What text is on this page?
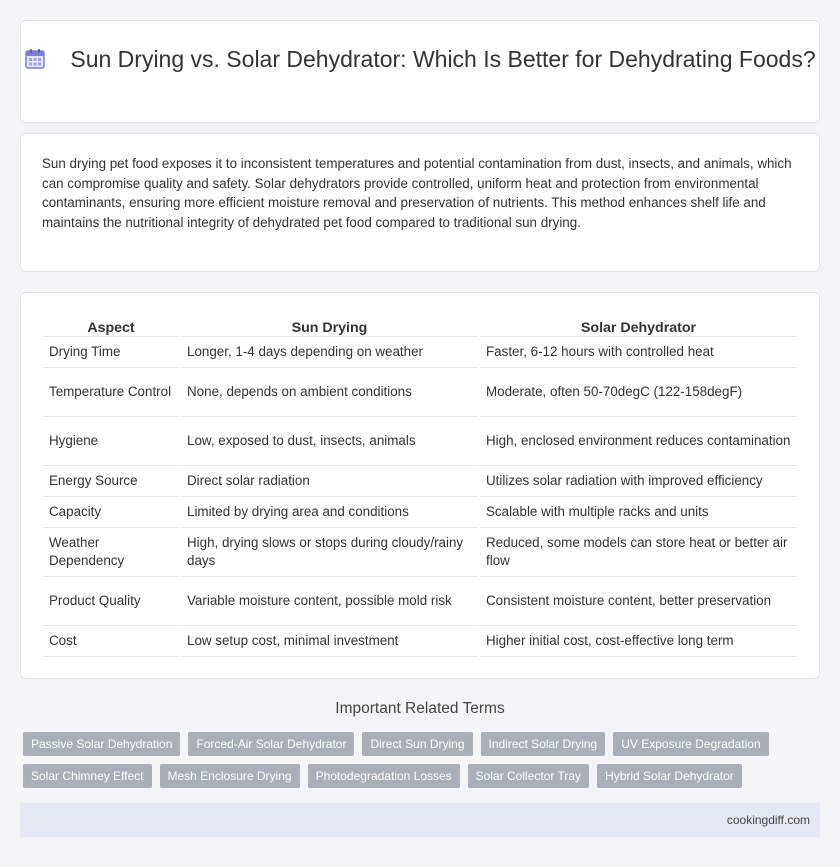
Sun Drying vs. Solar Dehydrator: Which Is Better for Dehydrating Foods?

Sun drying pet food exposes it to inconsistent temperatures and potential contamination from dust, insects, and animals, which can compromise quality and safety. Solar dehydrators provide controlled, uniform heat and protection from environmental contaminants, ensuring more efficient moisture removal and preservation of nutrients. This method enhances shelf life and maintains the nutritional integrity of dehydrated pet food compared to traditional sun drying.

Aspect	Sun Drying	Solar Dehydrator
Drying Time	Longer, 1-4 days depending on weather	Faster, 6-12 hours with controlled heat
Temperature Control	None, depends on ambient conditions	Moderate, often 50-70degC (122-158degF)
Hygiene	Low, exposed to dust, insects, animals	High, enclosed environment reduces contamination
Energy Source	Direct solar radiation	Utilizes solar radiation with improved efficiency
Capacity	Limited by drying area and conditions	Scalable with multiple racks and units
Weather Dependency	High, drying slows or stops during cloudy/rainy days	Reduced, some models can store heat or better air flow
Product Quality	Variable moisture content, possible mold risk	Consistent moisture content, better preservation
Cost	Low setup cost, minimal investment	Higher initial cost, cost-effective long term
Important Related Terms
Passive Solar Dehydration	Forced-Air Solar Dehydrator	Direct Sun Drying	Indirect Solar Drying	UV Exposure Degradation
Solar Chimney Effect	Mesh Enclosure Drying	Photodegradation Losses	Solar Collector Tray	Hybrid Solar Dehydrator
cookingdiff.com
